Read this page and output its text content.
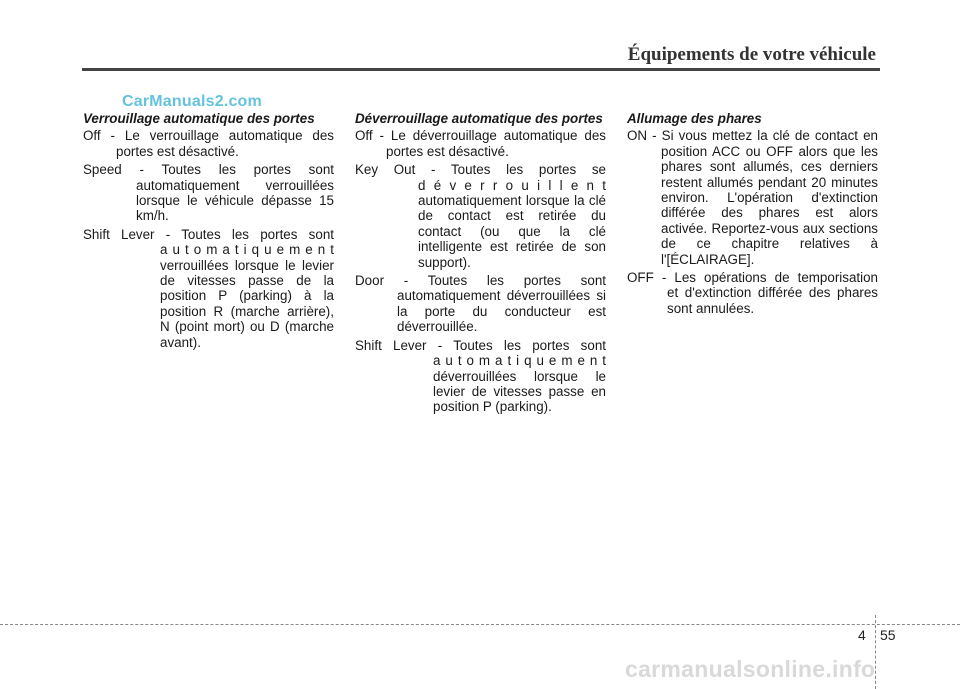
Équipements de votre véhicule
CarManuals2.com
Verrouillage automatique des portes
Off - Le verrouillage automatique des
portes est désactivé.
Speed - Toutes les portes sont
automatiquement verrouillées lorsque le véhicule dépasse 15 km/h.
Shift Lever - Toutes les portes sont
a u t o m a t i q u e m e n t verrouillées lorsque le levier de vitesses passe de la position P (parking) à la position R (marche arrière), N (point mort) ou D (marche avant).
Déverrouillage automatique des portes
Off - Le déverrouillage automatique des
portes est désactivé.
Key Out - Toutes les portes se
d é v e r r o u i l l e n t automatiquement lorsque la clé de contact est retirée du contact (ou que la clé intelligente est retirée de son support).
Door - Toutes les portes sont
automatiquement déverrouillées si la porte du conducteur est déverrouillée.
Shift Lever - Toutes les portes sont
a u t o m a t i q u e m e n t déverrouillées lorsque le levier de vitesses passe en position P (parking).
Allumage des phares
ON - Si vous mettez la clé de contact en
position ACC ou OFF alors que les phares sont allumés, ces derniers restent allumés pendant 20 minutes environ. L'opération d'extinction différée des phares est alors activée. Reportez-vous aux sections de ce chapitre relatives à l'[ÉCLAIRAGE].
OFF - Les opérations de temporisation
et d'extinction différée des phares sont annulées.
4 55
carmanualsonline.info
